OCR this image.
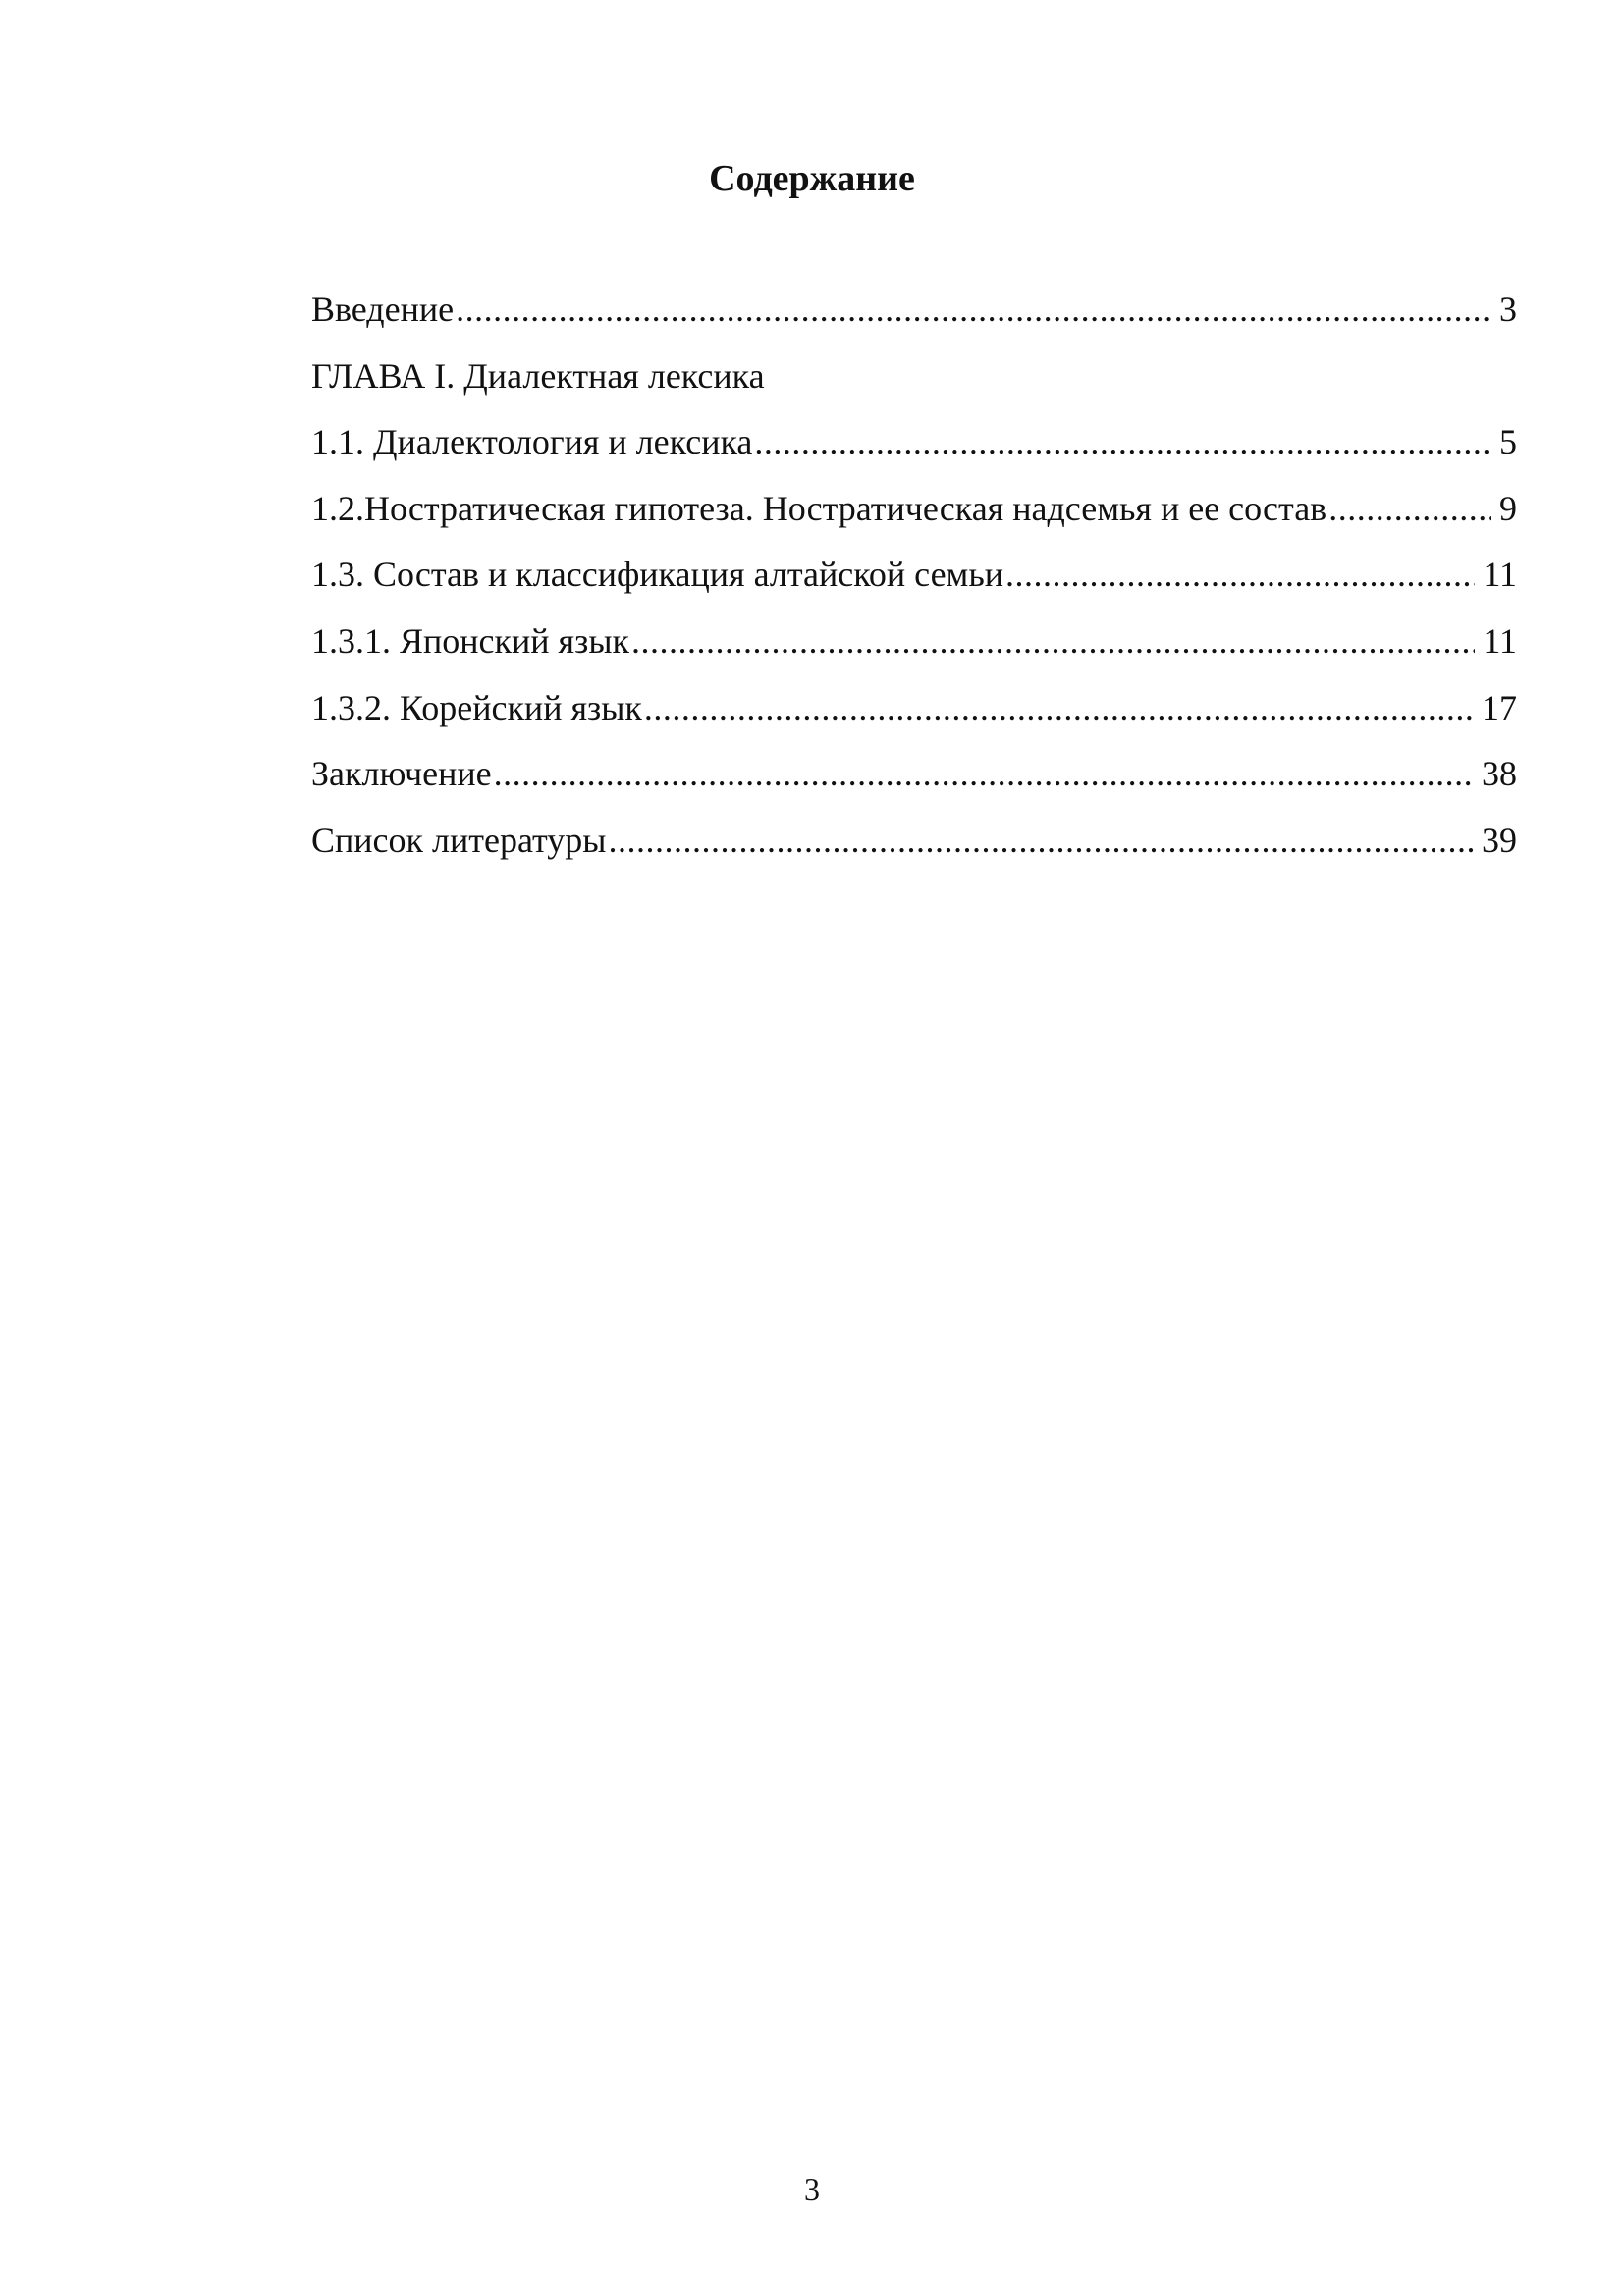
Содержание
Введение .....	3
ГЛАВА I. Диалектная лексика
1.1. Диалектология и лексика .....	5
1.2.Ностратическая гипотеза. Ностратическая надсемья и ее состав .....	9
1.3. Состав и классификация алтайской семьи .....	11
1.3.1. Японский язык .....	11
1.3.2. Корейский язык .....	17
Заключение .....	38
Список литературы .....	39
3
